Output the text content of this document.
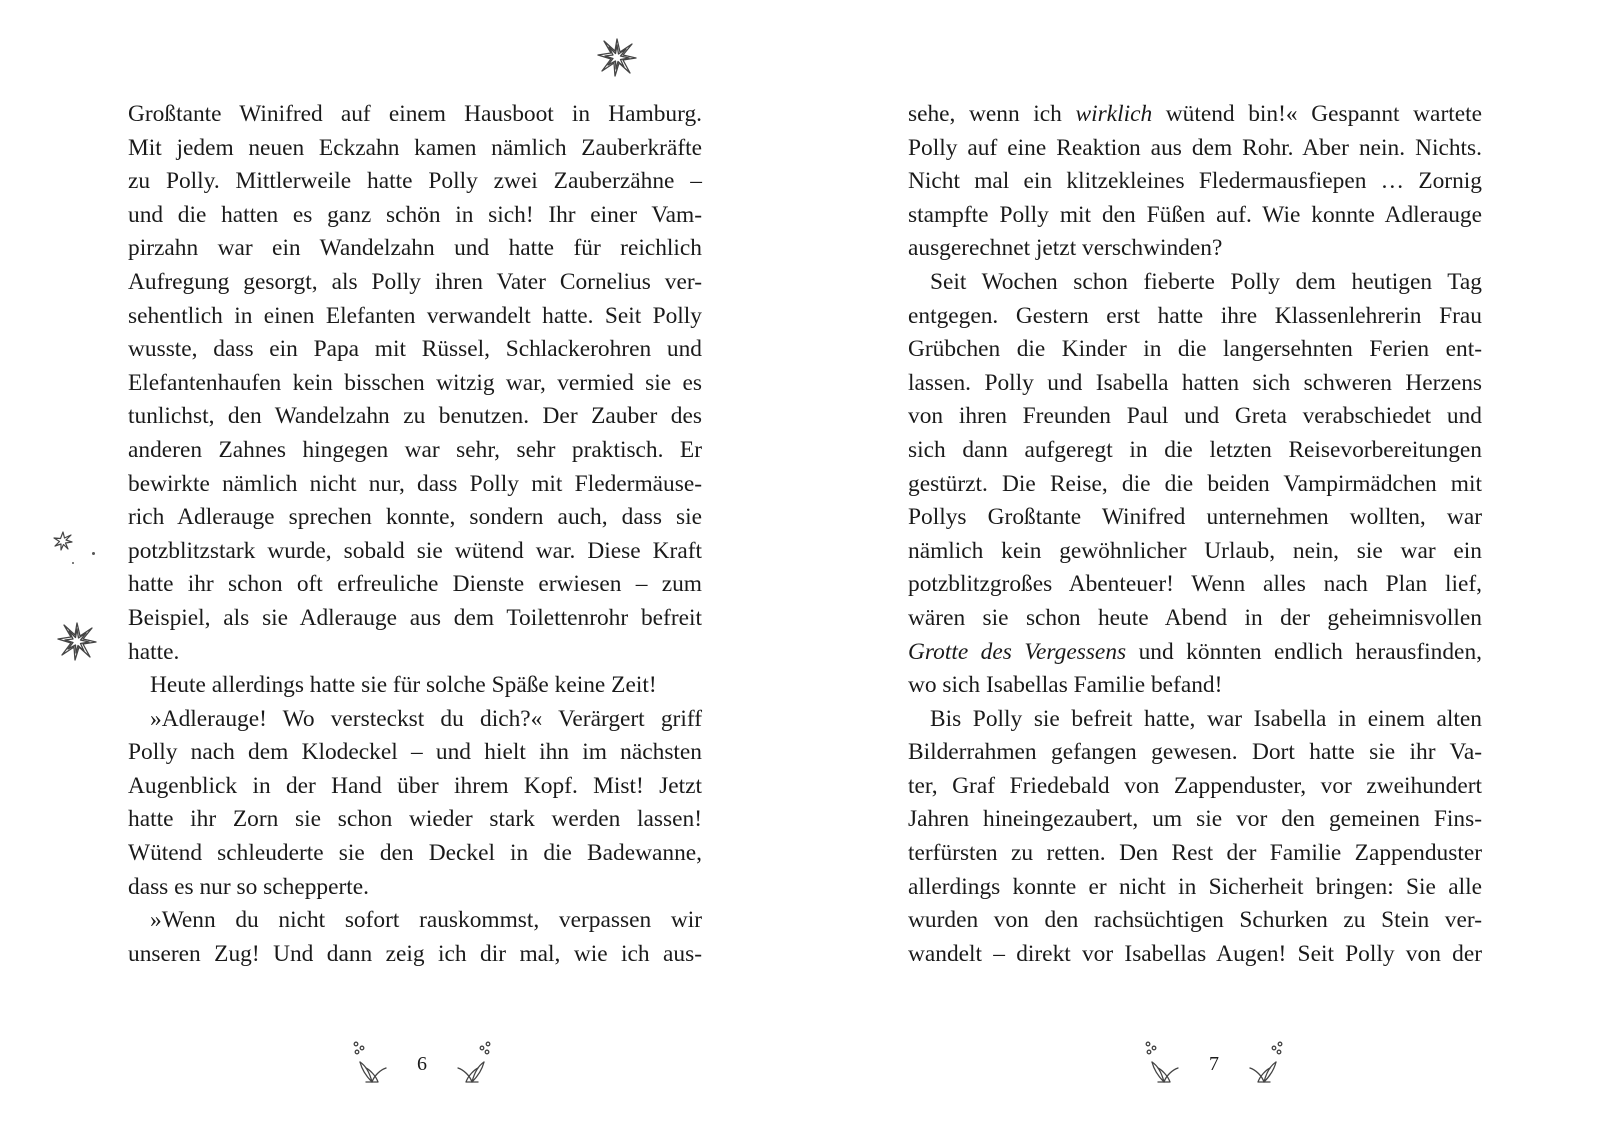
Großtante Winifred auf einem Hausboot in Hamburg.
Mit jedem neuen Eckzahn kamen nämlich Zauberkräfte
zu Polly. Mittlerweile hatte Polly zwei Zauberzähne –
und die hatten es ganz schön in sich! Ihr einer Vam-
pirzahn war ein Wandelzahn und hatte für reichlich
Aufregung gesorgt, als Polly ihren Vater Cornelius ver-
sehentlich in einen Elefanten verwandelt hatte. Seit Polly
wusste, dass ein Papa mit Rüssel, Schlackerohren und
Elefantenhaufen kein bisschen witzig war, vermied sie es
tunlichst, den Wandelzahn zu benutzen. Der Zauber des
anderen Zahnes hingegen war sehr, sehr praktisch. Er
bewirkte nämlich nicht nur, dass Polly mit Fledermäuse-
rich Adlerauge sprechen konnte, sondern auch, dass sie
potzblitzstark wurde, sobald sie wütend war. Diese Kraft
hatte ihr schon oft erfreuliche Dienste erwiesen – zum
Beispiel, als sie Adlerauge aus dem Toilettenrohr befreit
hatte.
Heute allerdings hatte sie für solche Späße keine Zeit!
»Adlerauge! Wo versteckst du dich?« Verärgert griff
Polly nach dem Klodeckel – und hielt ihn im nächsten
Augenblick in der Hand über ihrem Kopf. Mist! Jetzt
hatte ihr Zorn sie schon wieder stark werden lassen!
Wütend schleuderte sie den Deckel in die Badewanne,
dass es nur so schepperte.
»Wenn du nicht sofort rauskommst, verpassen wir
unseren Zug! Und dann zeig ich dir mal, wie ich aus-
6
sehe, wenn ich wirklich wütend bin!« Gespannt wartete
Polly auf eine Reaktion aus dem Rohr. Aber nein. Nichts.
Nicht mal ein klitzekleines Fledermausfiepen … Zornig
stampfte Polly mit den Füßen auf. Wie konnte Adlerauge
ausgerechnet jetzt verschwinden?
Seit Wochen schon fieberte Polly dem heutigen Tag
entgegen. Gestern erst hatte ihre Klassenlehrerin Frau
Grübchen die Kinder in die langersehnten Ferien ent-
lassen. Polly und Isabella hatten sich schweren Herzens
von ihren Freunden Paul und Greta verabschiedet und
sich dann aufgeregt in die letzten Reisevorbereitungen
gestürzt. Die Reise, die die beiden Vampirmädchen mit
Pollys Großtante Winifred unternehmen wollten, war
nämlich kein gewöhnlicher Urlaub, nein, sie war ein
potzblitzgroßes Abenteuer! Wenn alles nach Plan lief,
wären sie schon heute Abend in der geheimnisvollen
Grotte des Vergessens und könnten endlich herausfinden,
wo sich Isabellas Familie befand!
Bis Polly sie befreit hatte, war Isabella in einem alten
Bilderrahmen gefangen gewesen. Dort hatte sie ihr Va-
ter, Graf Friedebald von Zappenduster, vor zweihundert
Jahren hineingezaubert, um sie vor den gemeinen Fins-
terfürsten zu retten. Den Rest der Familie Zappenduster
allerdings konnte er nicht in Sicherheit bringen: Sie alle
wurden von den rachsüchtigen Schurken zu Stein ver-
wandelt – direkt vor Isabellas Augen! Seit Polly von der
7
